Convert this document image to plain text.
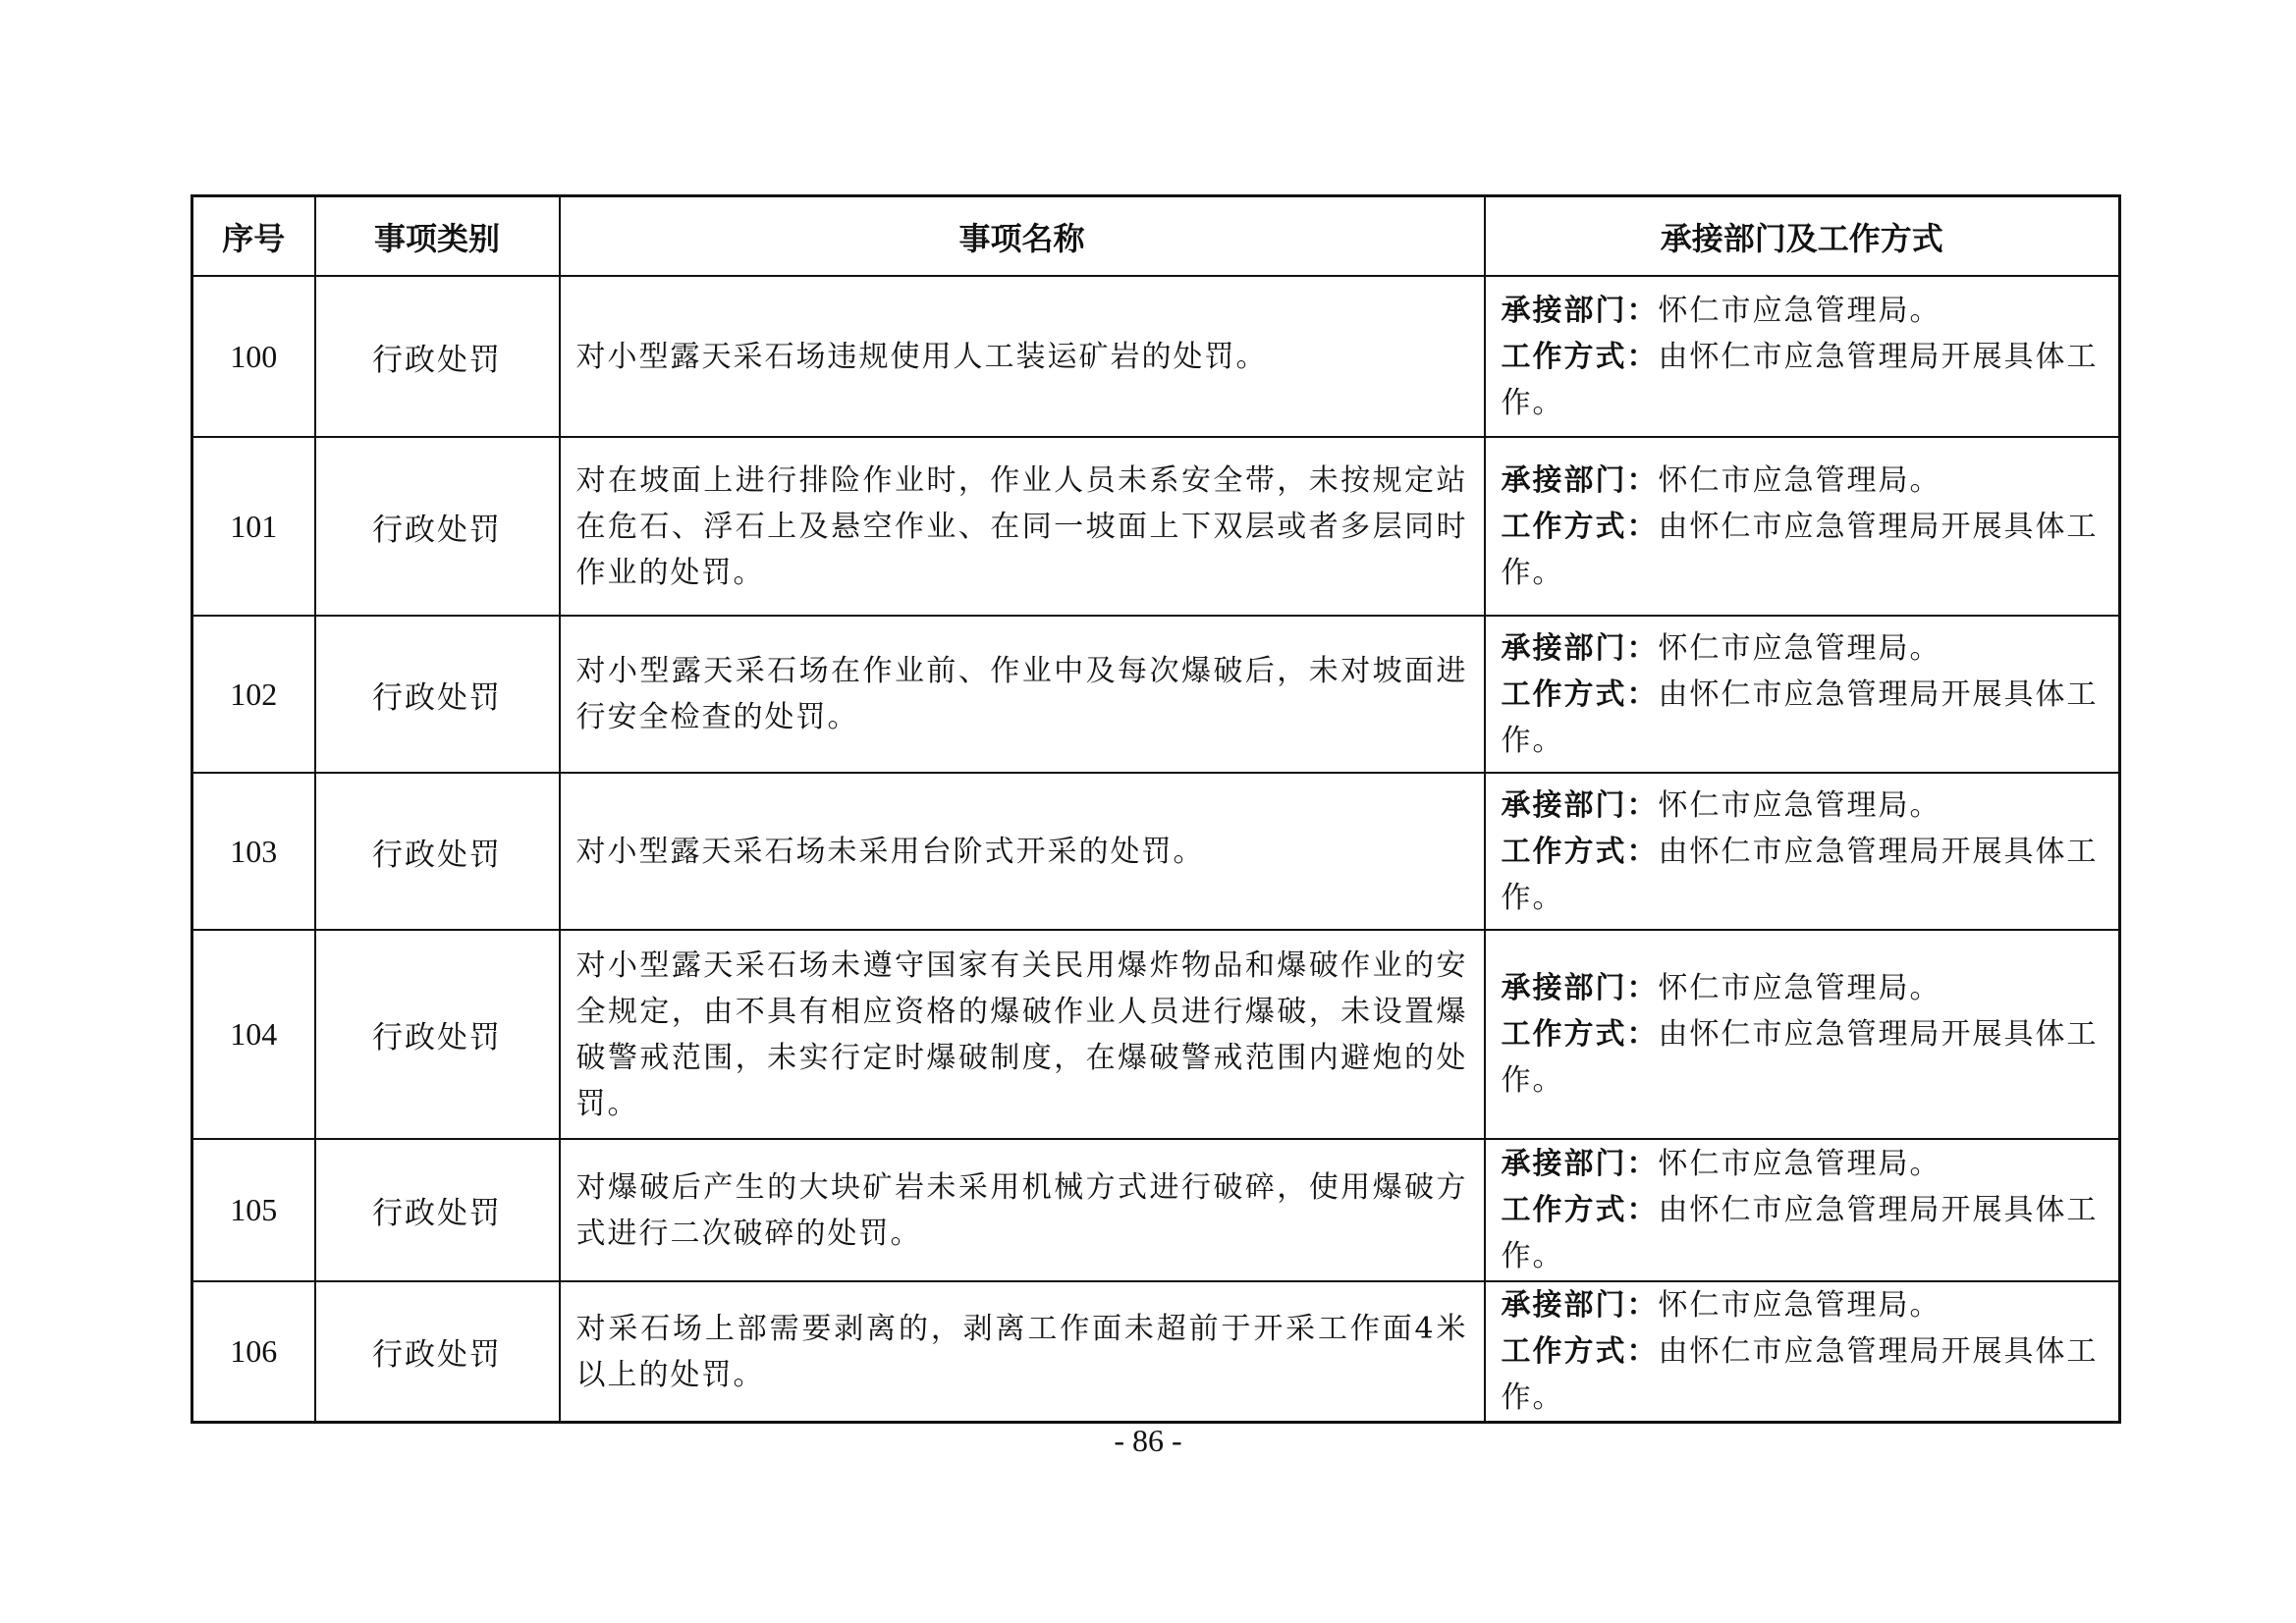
序号	事项类别	事项名称	承接部门及工作方式
100	行政处罚	对小型露天采石场违规使用人工装运矿岩的处罚。	承接部门：怀仁市应急管理局。
工作方式：由怀仁市应急管理局开展具体工作。

101	行政处罚	对在坡面上进行排险作业时，作业人员未系安全带，未按规定站在危石、浮石上及悬空作业、在同一坡面上下双层或者多层同时作业的处罚。	承接部门：怀仁市应急管理局。
工作方式：由怀仁市应急管理局开展具体工作。

102	行政处罚	对小型露天采石场在作业前、作业中及每次爆破后，未对坡面进行安全检查的处罚。	承接部门：怀仁市应急管理局。
工作方式：由怀仁市应急管理局开展具体工作。

103	行政处罚	对小型露天采石场未采用台阶式开采的处罚。	承接部门：怀仁市应急管理局。
工作方式：由怀仁市应急管理局开展具体工作。

104	行政处罚	对小型露天采石场未遵守国家有关民用爆炸物品和爆破作业的安全规定，由不具有相应资格的爆破作业人员进行爆破，未设置爆破警戒范围，未实行定时爆破制度，在爆破警戒范围内避炮的处罚。	承接部门：怀仁市应急管理局。
工作方式：由怀仁市应急管理局开展具体工作。

105	行政处罚	对爆破后产生的大块矿岩未采用机械方式进行破碎，使用爆破方式进行二次破碎的处罚。	承接部门：怀仁市应急管理局。
工作方式：由怀仁市应急管理局开展具体工作。

106	行政处罚	对采石场上部需要剥离的，剥离工作面未超前于开采工作面4米以上的处罚。	承接部门：怀仁市应急管理局。
工作方式：由怀仁市应急管理局开展具体工作。
- 86 -
